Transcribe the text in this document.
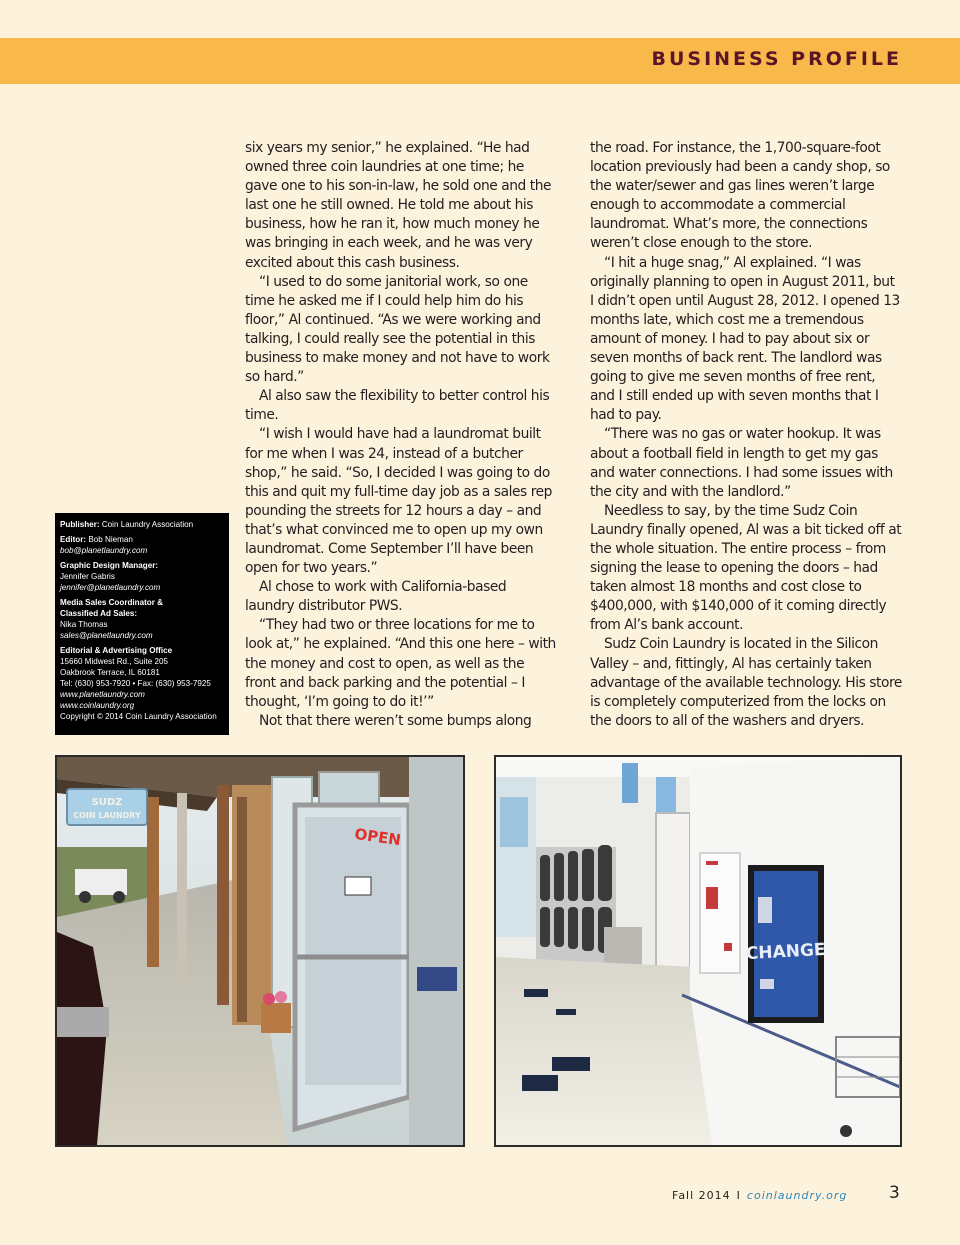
BUSINESS PROFILE
Publisher: Coin Laundry Association
Editor: Bob Nieman
bob@planetlaundry.com
Graphic Design Manager:
Jennifer Gabris
jennifer@planetlaundry.com
Media Sales Coordinator &
Classified Ad Sales:
Nika Thomas
sales@planetlaundry.com
Editorial & Advertising Office
15660 Midwest Rd., Suite 205
Oakbrook Terrace, IL 60181
Tel: (630) 953-7920 • Fax: (630) 953-7925
www.planetlaundry.com
www.coinlaundry.org
Copyright © 2014 Coin Laundry Association

six years my senior,” he explained. “He had owned three coin laundries at one time; he gave one to his son-in-law, he sold one and the last one he still owned. He told me about his business, how he ran it, how much money he was bringing in each week, and he was very excited about this cash business.

“I used to do some janitorial work, so one time he asked me if I could help him do his floor,” Al continued. “As we were working and talking, I could really see the potential in this business to make money and not have to work so hard.”

Al also saw the flexibility to better control his time.

“I wish I would have had a laundromat built for me when I was 24, instead of a butcher shop,” he said. “So, I decided I was going to do this and quit my full-time day job as a sales rep pounding the streets for 12 hours a day – and that’s what convinced me to open up my own laundromat. Come September I’ll have been open for two years.”

Al chose to work with California-based laundry distributor PWS.

“They had two or three locations for me to look at,” he explained. “And this one here – with the money and cost to open, as well as the front and back parking and the potential – I thought, ‘I’m going to do it!’”

Not that there weren’t some bumps along

the road. For instance, the 1,700-square-foot location previously had been a candy shop, so the water/sewer and gas lines weren’t large enough to accommodate a commercial laundromat. What’s more, the connections weren’t close enough to the store.

“I hit a huge snag,” Al explained. “I was originally planning to open in August 2011, but I didn’t open until August 28, 2012. I opened 13 months late, which cost me a tremendous amount of money. I had to pay about six or seven months of back rent. The landlord was going to give me seven months of free rent, and I still ended up with seven months that I had to pay.

“There was no gas or water hookup. It was about a football field in length to get my gas and water connections. I had some issues with the city and with the landlord.”

Needless to say, by the time Sudz Coin Laundry finally opened, Al was a bit ticked off at the whole situation. The entire process – from signing the lease to opening the doors – had taken almost 18 months and cost close to $400,000, with $140,000 of it coming directly from Al’s bank account.

Sudz Coin Laundry is located in the Silicon Valley – and, fittingly, Al has certainly taken advantage of the available technology. His store is completely computerized from the locks on the doors to all of the washers and dryers.

SUDZ
COIN LAUNDRY
OPEN
CHANGE
Fall 2014 I coinlaundry.org 3
